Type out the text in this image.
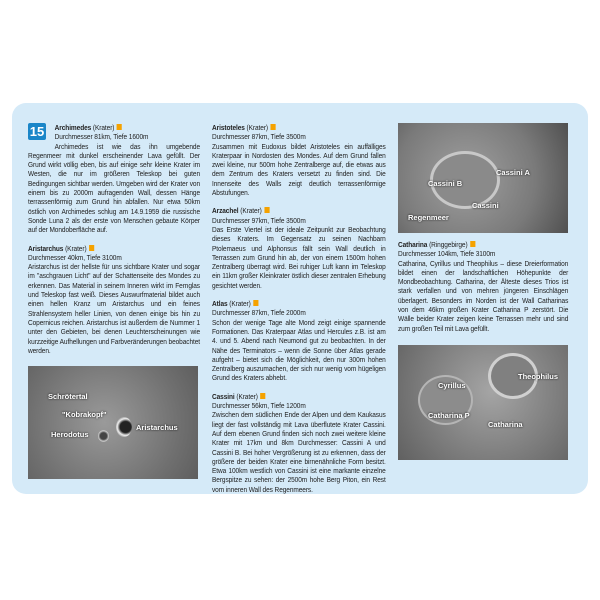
Archimedes (Krater)
Durchmesser 81km, Tiefe 1600m
Archimedes ist wie das ihn umgebende Regenmeer mit dunkel erscheinender Lava gefüllt. Der Grund wirkt völlig eben, bis auf einige sehr kleine Krater im Westen, die nur im größeren Teleskop bei guten Bedingungen sichtbar werden. Umgeben wird der Krater von einem bis zu 2000m aufragenden Wall, dessen Hänge terrassenförmig zum Grund hin abfallen. Nur etwa 50km östlich von Archimedes schlug am 14.9.1959 die russische Sonde Luna 2 als der erste von Menschen gebaute Körper auf der Mondoberfläche auf.
Aristarchus (Krater)
Durchmesser 40km, Tiefe 3100m
Aristarchus ist der hellste für uns sichtbare Krater und sogar im "aschgrauen Licht" auf der Schattenseite des Mondes zu erkennen. Das Material in seinem Inneren wirkt im Fernglas und Teleskop fast weiß. Dieses Auswurfmaterial bildet auch einen hellen Kranz um Aristarchus und ein feines Strahlensystem heller Linien, von denen einige bis hin zu Copernicus reichen. Aristarchus ist außerdem die Nummer 1 unter den Gebieten, bei denen Leuchterscheinungen wie kurzzeitige Aufhellungen und Farbveränderungen beobachtet werden.
15	Aristoteles (Krater)
Durchmesser 87km, Tiefe 3500m
Zusammen mit Eudoxus bildet Aristoteles ein auffälliges Kraterpaar in Nordosten des Mondes. Auf dem Grund fallen zwei kleine, nur 500m hohe Zentralberge auf, die etwas aus dem Zentrum des Kraters versetzt zu finden sind. Die Innenseite des Walls zeigt deutlich terrassenförmige Abstufungen.
Arzachel (Krater)
Durchmesser 97km, Tiefe 3500m
Das Erste Viertel ist der ideale Zeitpunkt zur Beobachtung dieses Kraters. Im Gegensatz zu seinen Nachbarn Ptolemaeus und Alphonsus fällt sein Wall deutlich in Terrassen zum Grund hin ab, der von einem 1500m hohen Zentralberg überragt wird. Bei ruhiger Luft kann im Teleskop ein 11km großer Kleinkrater östlich dieser zentralen Erhebung gesichtet werden.
Atlas (Krater)
Durchmesser 87km, Tiefe 2000m
Schon der wenige Tage alte Mond zeigt einige spannende Formationen. Das Kraterpaar Atlas und Hercules z.B. ist am 4. und 5. Abend nach Neumond gut zu beobachten. In der Nähe des Terminators – wenn die Sonne über Atlas gerade aufgeht – bietet sich die Möglichkeit, den nur 300m hohen Zentralberg auszumachen, der sich nur wenig vom hügeligen Grund des Kraters abhebt.
Cassini (Krater)
Durchmesser 56km, Tiefe 1200m
Zwischen dem südlichen Ende der Alpen und dem Kaukasus liegt der fast vollständig mit Lava überflutete Krater Cassini. Auf dem ebenen Grund finden sich noch zwei weitere kleine Krater mit 17km und 8km Durchmesser: Cassini A und Cassini B. Bei hoher Vergrößerung ist zu erkennen, dass der größere der beiden Krater eine birnenähnliche Form besitzt. Etwa 100km westlich von Cassini ist eine markante einzelne Bergspitze zu sehen: der 2500m hohe Berg Piton, ein Rest vom inneren Wall des Regenmeers.
Catharina (Ringgebirge)
Durchmesser 104km, Tiefe 3100m
Catharina, Cyrillus und Theophilus – diese Dreierformation bildet einen der landschaftlichen Höhepunkte der Mondbeobachtung. Catharina, der Älteste dieses Trios ist stark verfallen und von mehren jüngeren Einschlägen überlagert. Besonders im Norden ist der Wall Catharinas von dem 46km großen Krater Catharina P zerstört. Die Wälle beider Krater zeigen keine Terrassen mehr und sind zum großen Teil mit Lava gefüllt.
Schrötertal
"Kobrakopf"
Herodotus
Aristarchus
Cassini A
Cassini B
Cassini
Regenmeer
Theophilus
Cyrillus
Catharina P
Catharina
